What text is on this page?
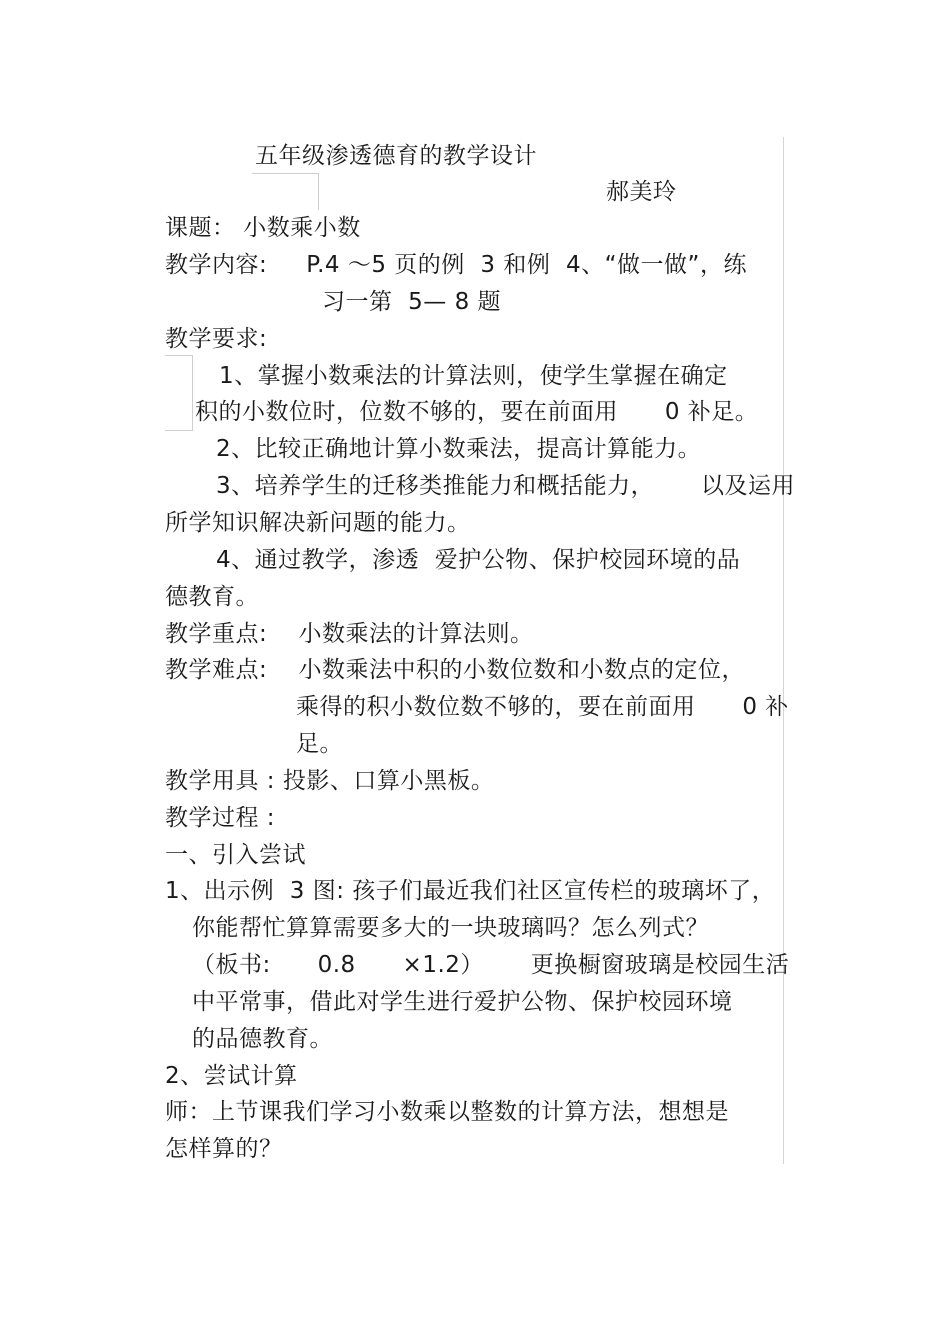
五年级渗透德育的教学设计
郝美玲
课题： 小数乘小数
教学内容:     P.4 ～5 页的例  3 和例  4、“做一做”，练
习一第  5— 8 题
教学要求:
1、掌握小数乘法的计算法则，使学生掌握在确定
积的小数位时，位数不够的，要在前面用      0 补足。
2、比较正确地计算小数乘法，提高计算能力。
3、培养学生的迁移类推能力和概括能力，      以及运用
所学知识解决新问题的能力。
4、通过教学，渗透  爱护公物、保护校园环境的品
德教育。
教学重点:    小数乘法的计算法则。
教学难点:    小数乘法中积的小数位数和小数点的定位，
乘得的积小数位数不够的，要在前面用      0 补
足。
教学用具 : 投影、口算小黑板。
教学过程 :
一、引入尝试
1、出示例  3 图: 孩子们最近我们社区宣传栏的玻璃坏了，
你能帮忙算算需要多大的一块玻璃吗？怎么列式？
（板书:      0.8      ×1.2）      更换橱窗玻璃是校园生活
中平常事，借此对学生进行爱护公物、保护校园环境
的品德教育。
2、尝试计算
师：上节课我们学习小数乘以整数的计算方法，想想是
怎样算的？
